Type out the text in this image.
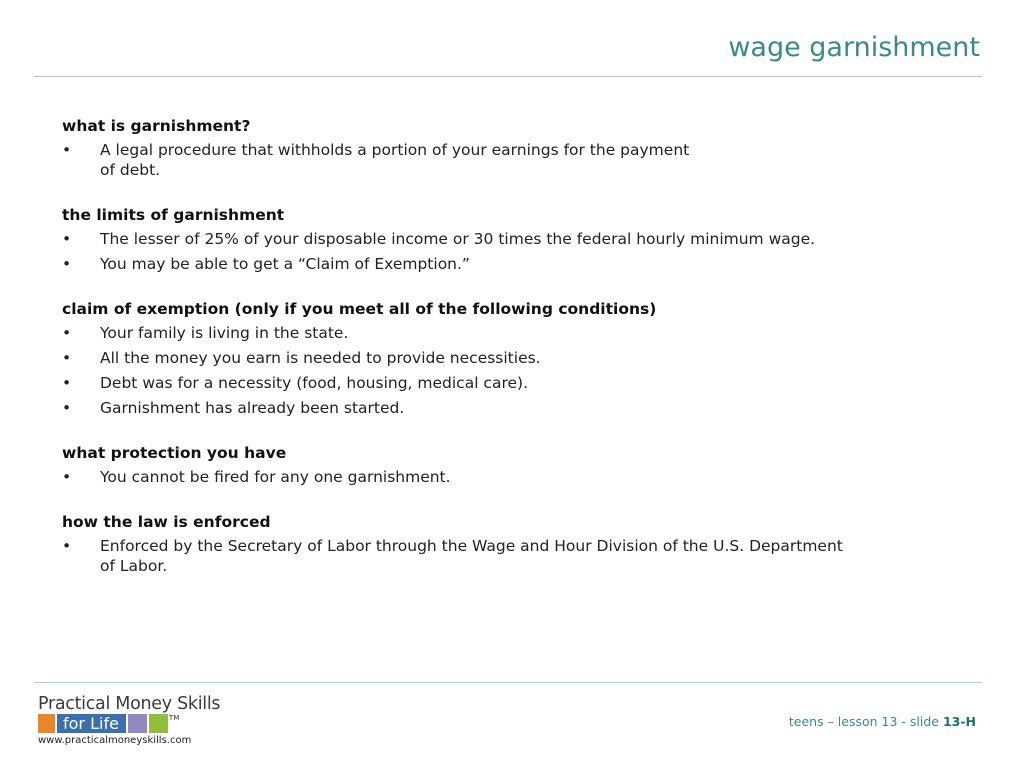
wage garnishment
what is garnishment?
• A legal procedure that withholds a portion of your earnings for the payment
of debt.
the limits of garnishment
• The lesser of 25% of your disposable income or 30 times the federal hourly minimum wage.
• You may be able to get a “Claim of Exemption.”
claim of exemption (only if you meet all of the following conditions)
• Your family is living in the state.
• All the money you earn is needed to provide necessities.
• Debt was for a necessity (food, housing, medical care).
• Garnishment has already been started.
what protection you have
• You cannot be fired for any one garnishment.
how the law is enforced
• Enforced by the Secretary of Labor through the Wage and Hour Division of the U.S. Department
of Labor.
Practical Money Skills
for Life	TM
www.practicalmoneyskills.com
teens – lesson 13 - slide 13-H
